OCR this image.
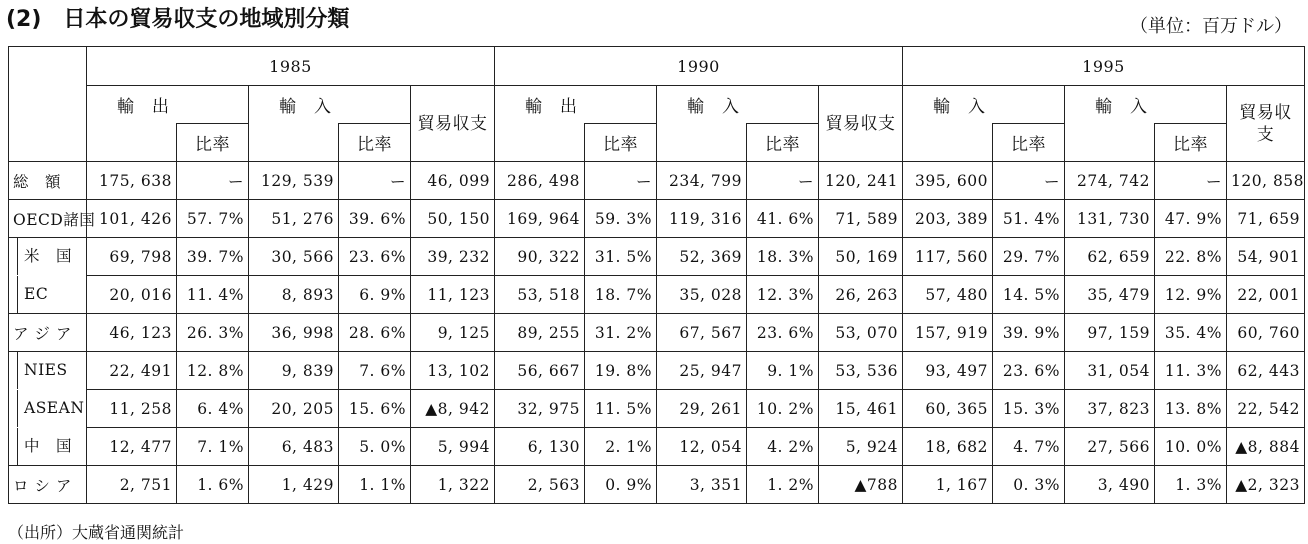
(2) 日本の貿易収支の地域別分類	（単位：百万ドル）
	1985					1990					1995				
	輸　出		輸　入		貿易収支	輸　出		輸　入		貿易収支	輸　入		輸　入		貿易収支
		比率		比率			比率		比率			比率		比率	
総　額	175, 638	ー	129, 539	ー	46, 099	286, 498	ー	234, 799	ー	120, 241	395, 600	ー	274, 742	ー	120, 858
OECD諸国	101, 426	57. 7%	51, 276	39. 6%	50, 150	169, 964	59. 3%	119, 316	41. 6%	71, 589	203, 389	51. 4%	131, 730	47. 9%	71, 659
米　国	69, 798	39. 7%	30, 566	23. 6%	39, 232	90, 322	31. 5%	52, 369	18. 3%	50, 169	117, 560	29. 7%	62, 659	22. 8%	54, 901
EC	20, 016	11. 4%	8, 893	6. 9%	11, 123	53, 518	18. 7%	35, 028	12. 3%	26, 263	57, 480	14. 5%	35, 479	12. 9%	22, 001
ア ジ ア	46, 123	26. 3%	36, 998	28. 6%	9, 125	89, 255	31. 2%	67, 567	23. 6%	53, 070	157, 919	39. 9%	97, 159	35. 4%	60, 760
NIES	22, 491	12. 8%	9, 839	7. 6%	13, 102	56, 667	19. 8%	25, 947	9. 1%	53, 536	93, 497	23. 6%	31, 054	11. 3%	62, 443
ASEAN	11, 258	6. 4%	20, 205	15. 6%	▲8, 942	32, 975	11. 5%	29, 261	10. 2%	15, 461	60, 365	15. 3%	37, 823	13. 8%	22, 542
中　国	12, 477	7. 1%	6, 483	5. 0%	5, 994	6, 130	2. 1%	12, 054	4. 2%	5, 924	18, 682	4. 7%	27, 566	10. 0%	▲8, 884
ロ シ ア	2, 751	1. 6%	1, 429	1. 1%	1, 322	2, 563	0. 9%	3, 351	1. 2%	▲788	1, 167	0. 3%	3, 490	1. 3%	▲2, 323
（出所）大蔵省通関統計
